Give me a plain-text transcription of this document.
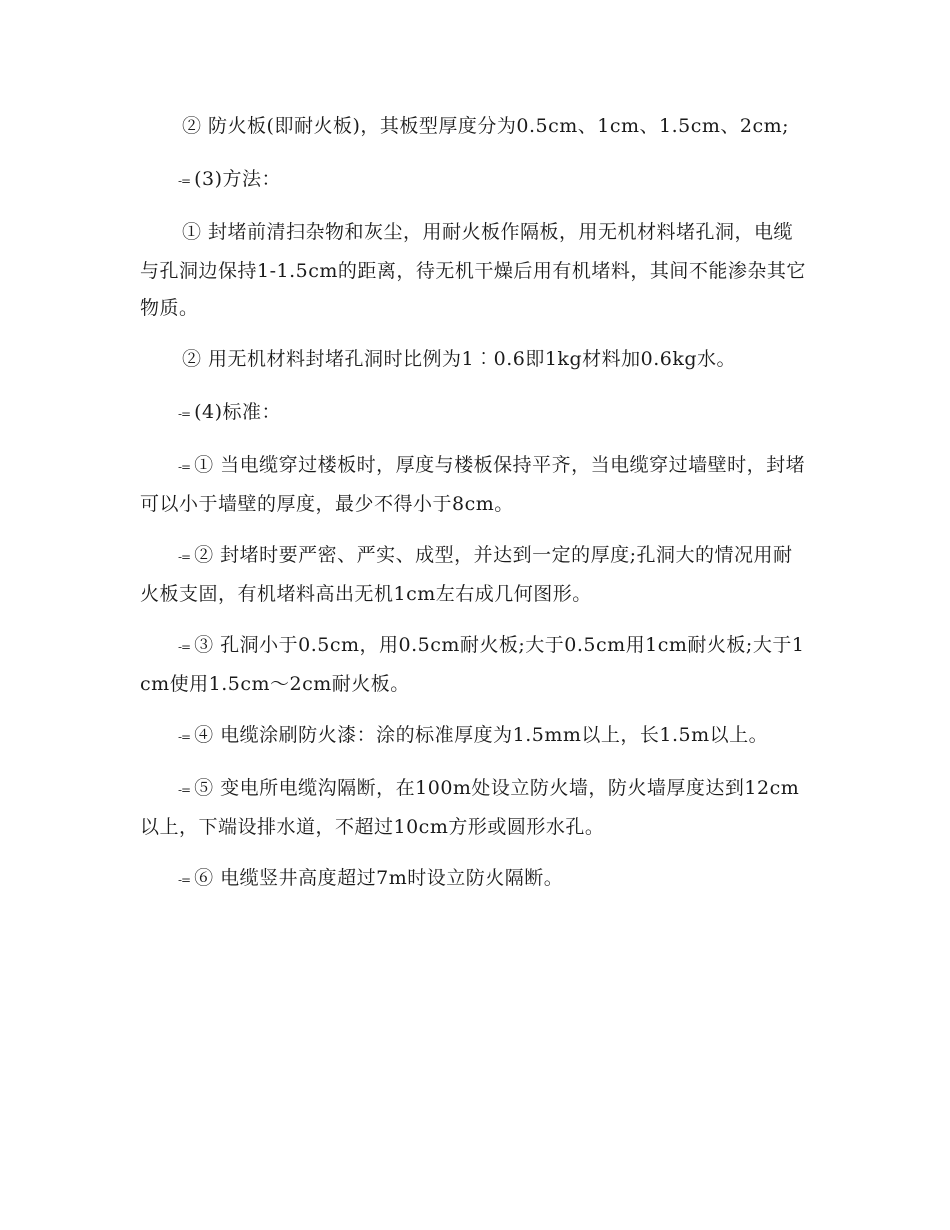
② 防火板(即耐火板)，其板型厚度分为0.5cm、1cm、1.5cm、2cm;

-= (3)方法：

① 封堵前清扫杂物和灰尘，用耐火板作隔板，用无机材料堵孔洞，电缆与孔洞边保持1-1.5cm的距离，待无机干燥后用有机堵料，其间不能渗杂其它物质。

② 用无机材料封堵孔洞时比例为1︰0.6即1kg材料加0.6kg水。

-= (4)标准：

-= ① 当电缆穿过楼板时，厚度与楼板保持平齐，当电缆穿过墙壁时，封堵可以小于墙壁的厚度，最少不得小于8cm。

-= ② 封堵时要严密、严实、成型，并达到一定的厚度;孔洞大的情况用耐火板支固，有机堵料高出无机1cm左右成几何图形。

-= ③ 孔洞小于0.5cm，用0.5cm耐火板;大于0.5cm用1cm耐火板;大于1cm使用1.5cm～2cm耐火板。

-= ④ 电缆涂刷防火漆：涂的标准厚度为1.5mm以上，长1.5m以上。

-= ⑤ 变电所电缆沟隔断，在100m处设立防火墙，防火墙厚度达到12cm以上，下端设排水道，不超过10cm方形或圆形水孔。

-= ⑥ 电缆竖井高度超过7m时设立防火隔断。
